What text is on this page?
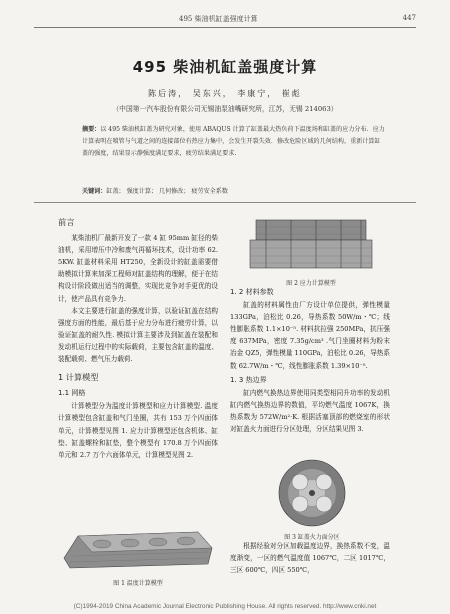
495 柴油机缸盖强度计算	447
495 柴油机缸盖强度计算
陈后涛， 吴东兴， 李康宁， 崔彪
（中国第一汽车股份有限公司无锡油泵油嘴研究所，江苏，无锡 214063）
摘要：以 495 柴油机缸盖为研究对象，使用 ABAQUS 计算了缸盖最大热负荷下温度场和缸盖的应力分布．应力计算表明在喷管与气道之间的连接部位有热应力集中，会发生开裂失效．修改危险区域的几何结构，重新计算缸盖的强度，结果显示静强度满足要求，疲劳结果满足要求.
关键词：缸盖； 强度计算； 几何修改； 疲劳安全系数
前言

某柴油机厂最新开发了一款 4 缸 95mm 缸径的柴油机，采用增压中冷和废气再循环技术，设计功率 62. 5KW. 缸盖材料采用 HT250，全新设计的缸盖需要借助模拟计算来加深工程师对缸盖结构的理解，便于在结构设计阶段做出适当的调整，实现比竞争对手更优的设计，使产品具有竞争力.

本文主要进行缸盖的强度计算，以验证缸盖在结构强度方面的性能，最后基于应力分布进行疲劳计算，以验证缸盖的耐久性. 模拟计算主要涉及到缸盖在装配和发动机运行过程中的实际载荷，主要包含缸盖的温度、装配载荷、燃气压力载荷.

1 计算模型
1.1 网格

计算模型分为温度计算模型和应力计算模型. 温度计算模型包含缸盖和气门坐圈，共有 153 万个四面体单元，计算模型见图 1. 应力计算模型还包含机体、缸垫、缸盖螺栓和缸垫，整个模型有 170.8 万个四面体单元和 2.7 万个六面体单元，计算模型见图 2.

图 1 温度计算模型
图 2 应力计算模型
1. 2 材料参数

缸盖的材料属性由厂方设计单位提供，弹性模量 133GPa，泊松比 0.26，导热系数 50W/m・℃；线性膨胀系数 1.1×10⁻⁵. 材料抗拉强 250MPa，抗压强度 637MPa，密度 7.35g/cm³ .气门坐圈材料为粉末冶金 QZ5，弹性模量 110GPa，泊松比 0.26，导热系数 62.7W/m・℃，线性膨胀系数 1.39×10⁻⁵.

1. 3 热边界

缸内燃气换热边界使用同类型相同升功率的发动机缸内燃气换热边界的数值，平均燃气温度 1067K，换热系数为 572W/m²·K. 根据活塞顶部的燃烧室的形状对缸盖火力面进行分区处理，分区结果见图 3.

图 3 缸盖火力面分区

根据经验对分区加载温度边界，换热系数不变，温度渐变，一区的燃气温度值 1067℃，二区 1017℃，三区 600℃，四区 550℃，

(C)1994-2019 China Academic Journal Electronic Publishing House. All rights reserved. http://www.cnki.net
